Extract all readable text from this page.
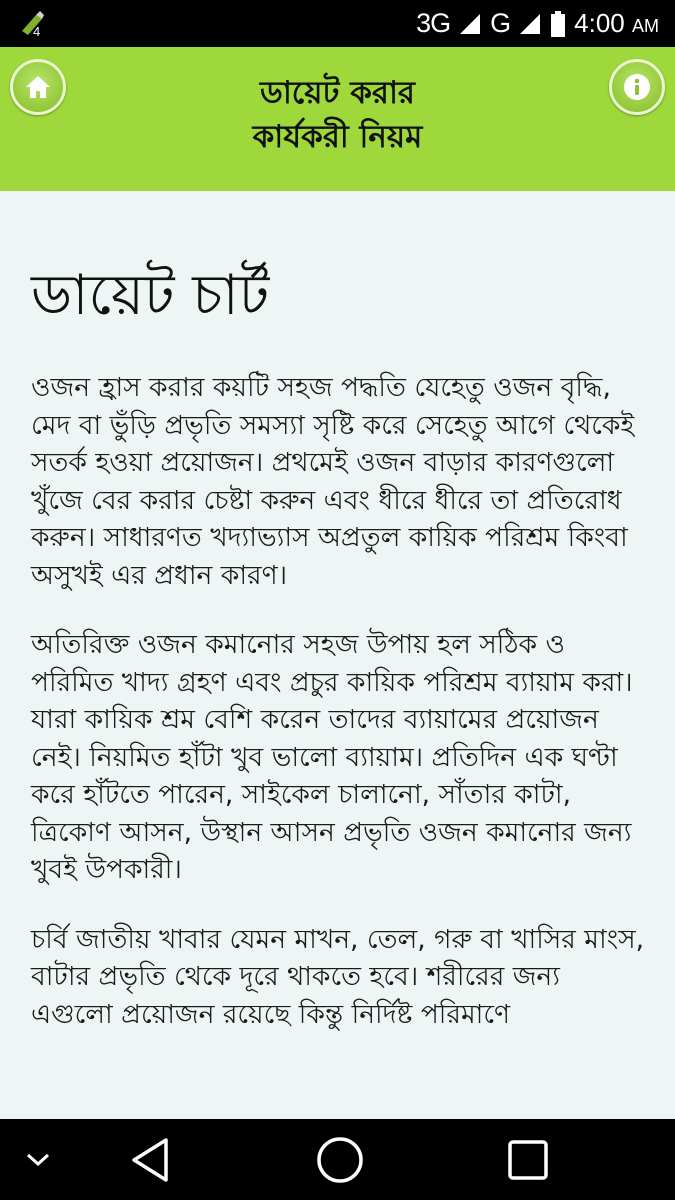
4	3G G 4:00 AM
ডায়েট করার
কার্যকরী নিয়ম
ডায়েট চার্ট

ওজন হ্রাস করার কয়টি সহজ পদ্ধতি যেহেতু ওজন বৃদ্ধি, মেদ বা ভুঁড়ি প্রভৃতি সমস্যা সৃষ্টি করে সেহেতু আগে থেকেই সতর্ক হওয়া প্রয়োজন। প্রথমেই ওজন বাড়ার কারণগুলো খুঁজে বের করার চেষ্টা করুন এবং ধীরে ধীরে তা প্রতিরোধ করুন। সাধারণত খদ্যাভ্যাস অপ্রতুল কায়িক পরিশ্রম কিংবা অসুখই এর প্রধান কারণ।

অতিরিক্ত ওজন কমানোর সহজ উপায় হল সঠিক ও পরিমিত খাদ্য গ্রহণ এবং প্রচুর কায়িক পরিশ্রম ব্যায়াম করা। যারা কায়িক শ্রম বেশি করেন তাদের ব্যায়ামের প্রয়োজন নেই। নিয়মিত হাঁটা খুব ভালো ব্যায়াম। প্রতিদিন এক ঘণ্টা করে হাঁটতে পারেন, সাইকেল চালানো, সাঁতার কাটা, ত্রিকোণ আসন, উস্থান আসন প্রভৃতি ওজন কমানোর জন্য খুবই উপকারী।

চর্বি জাতীয় খাবার যেমন মাখন, তেল, গরু বা খাসির মাংস, বাটার প্রভৃতি থেকে দূরে থাকতে হবে। শরীরের জন্য এগুলো প্রয়োজন রয়েছে কিন্তু নির্দিষ্ট পরিমাণে
